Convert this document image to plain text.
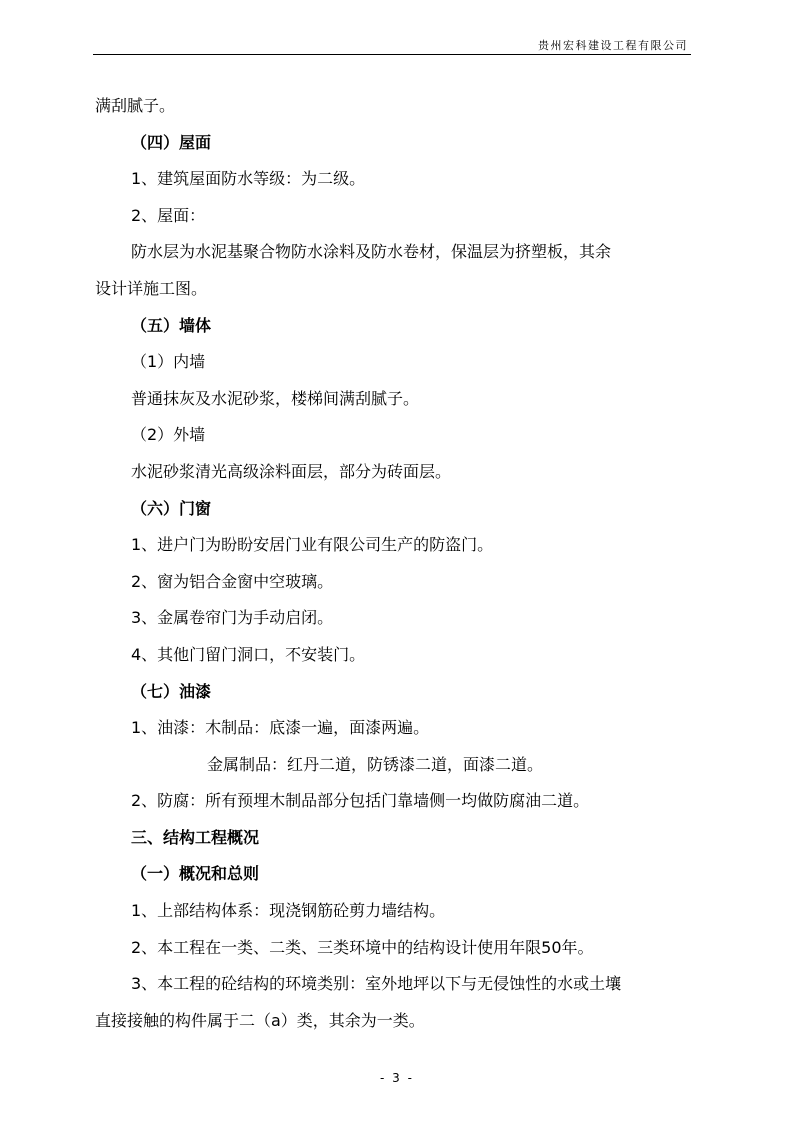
贵州宏科建设工程有限公司
满刮腻子。
（四）屋面
1、建筑屋面防水等级：为二级。
2、屋面：
防水层为水泥基聚合物防水涂料及防水卷材，保温层为挤塑板，其余
设计详施工图。
（五）墙体
（1）内墙
普通抹灰及水泥砂浆，楼梯间满刮腻子。
（2）外墙
水泥砂浆清光高级涂料面层，部分为砖面层。
（六）门窗
1、进户门为盼盼安居门业有限公司生产的防盗门。
2、窗为铝合金窗中空玻璃。
3、金属卷帘门为手动启闭。
4、其他门留门洞口，不安装门。
（七）油漆
1、油漆：木制品：底漆一遍，面漆两遍。
金属制品：红丹二道，防锈漆二道，面漆二道。
2、防腐：所有预埋木制品部分包括门靠墙侧一均做防腐油二道。
三、结构工程概况
（一）概况和总则
1、上部结构体系：现浇钢筋砼剪力墙结构。
2、本工程在一类、二类、三类环境中的结构设计使用年限50年。
3、本工程的砼结构的环境类别：室外地坪以下与无侵蚀性的水或土壤
直接接触的构件属于二（a）类，其余为一类。
- 3 -
